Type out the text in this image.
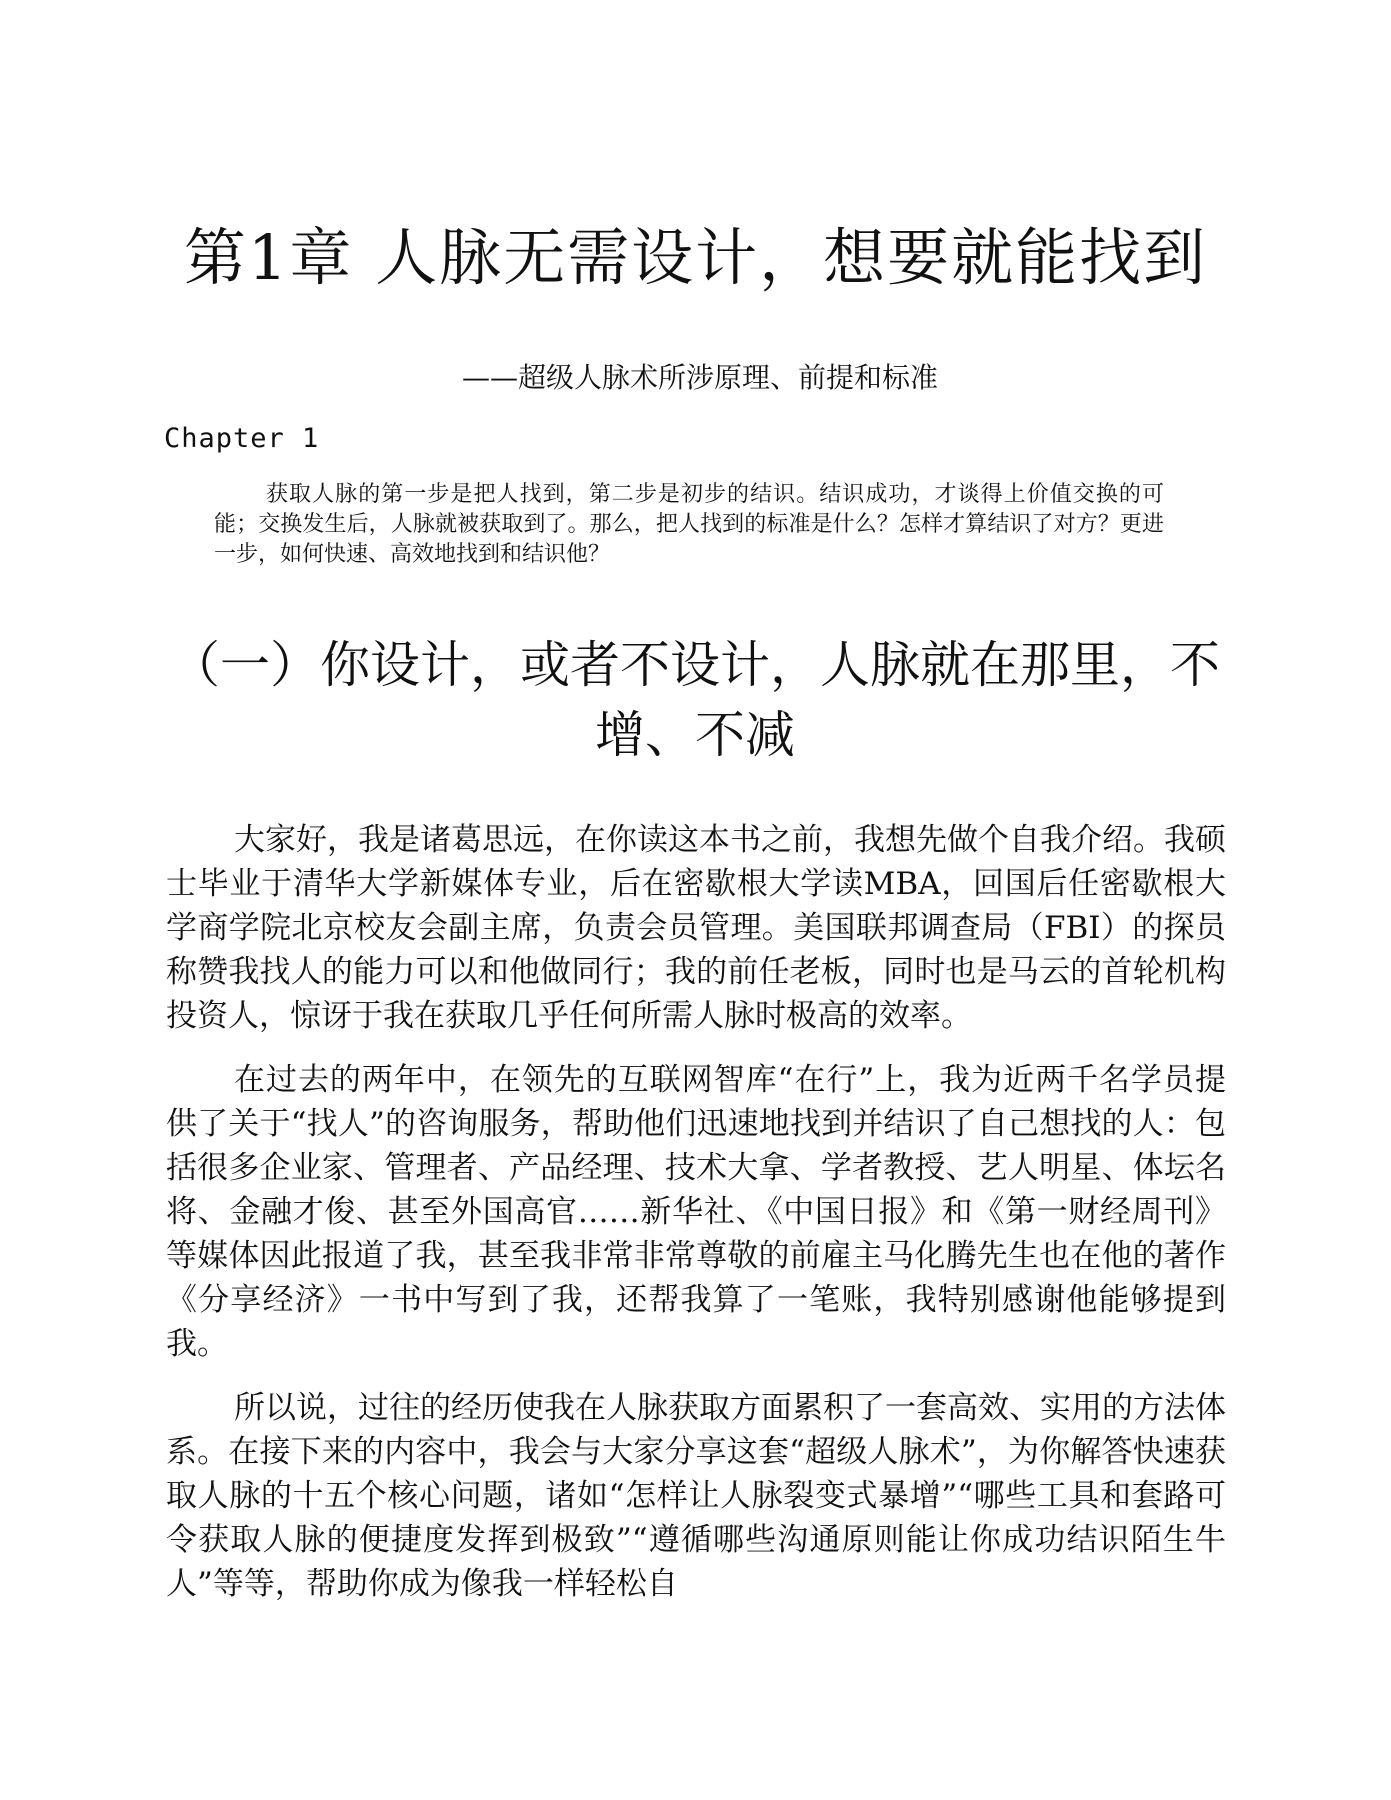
第1章 人脉无需设计，想要就能找到

——超级人脉术所涉原理、前提和标准

Chapter 1

获取人脉的第一步是把人找到，第二步是初步的结识。结识成功，才谈得上价值交换的可能；交换发生后，人脉就被获取到了。那么，把人找到的标准是什么？怎样才算结识了对方？更进一步，如何快速、高效地找到和结识他？

（一）你设计，或者不设计，人脉就在那里，不增、不减

大家好，我是诸葛思远，在你读这本书之前，我想先做个自我介绍。我硕士毕业于清华大学新媒体专业，后在密歇根大学读MBA，回国后任密歇根大学商学院北京校友会副主席，负责会员管理。美国联邦调查局（FBI）的探员称赞我找人的能力可以和他做同行；我的前任老板，同时也是马云的首轮机构投资人，惊讶于我在获取几乎任何所需人脉时极高的效率。

在过去的两年中，在领先的互联网智库“在行”上，我为近两千名学员提供了关于“找人”的咨询服务，帮助他们迅速地找到并结识了自己想找的人：包括很多企业家、管理者、产品经理、技术大拿、学者教授、艺人明星、体坛名将、金融才俊、甚至外国高官……新华社、《中国日报》和《第一财经周刊》等媒体因此报道了我，甚至我非常非常尊敬的前雇主马化腾先生也在他的著作《分享经济》一书中写到了我，还帮我算了一笔账，我特别感谢他能够提到我。

所以说，过往的经历使我在人脉获取方面累积了一套高效、实用的方法体系。在接下来的内容中，我会与大家分享这套“超级人脉术”，为你解答快速获取人脉的十五个核心问题，诸如“怎样让人脉裂变式暴增”“哪些工具和套路可令获取人脉的便捷度发挥到极致”“遵循哪些沟通原则能让你成功结识陌生牛人”等等，帮助你成为像我一样轻松自
